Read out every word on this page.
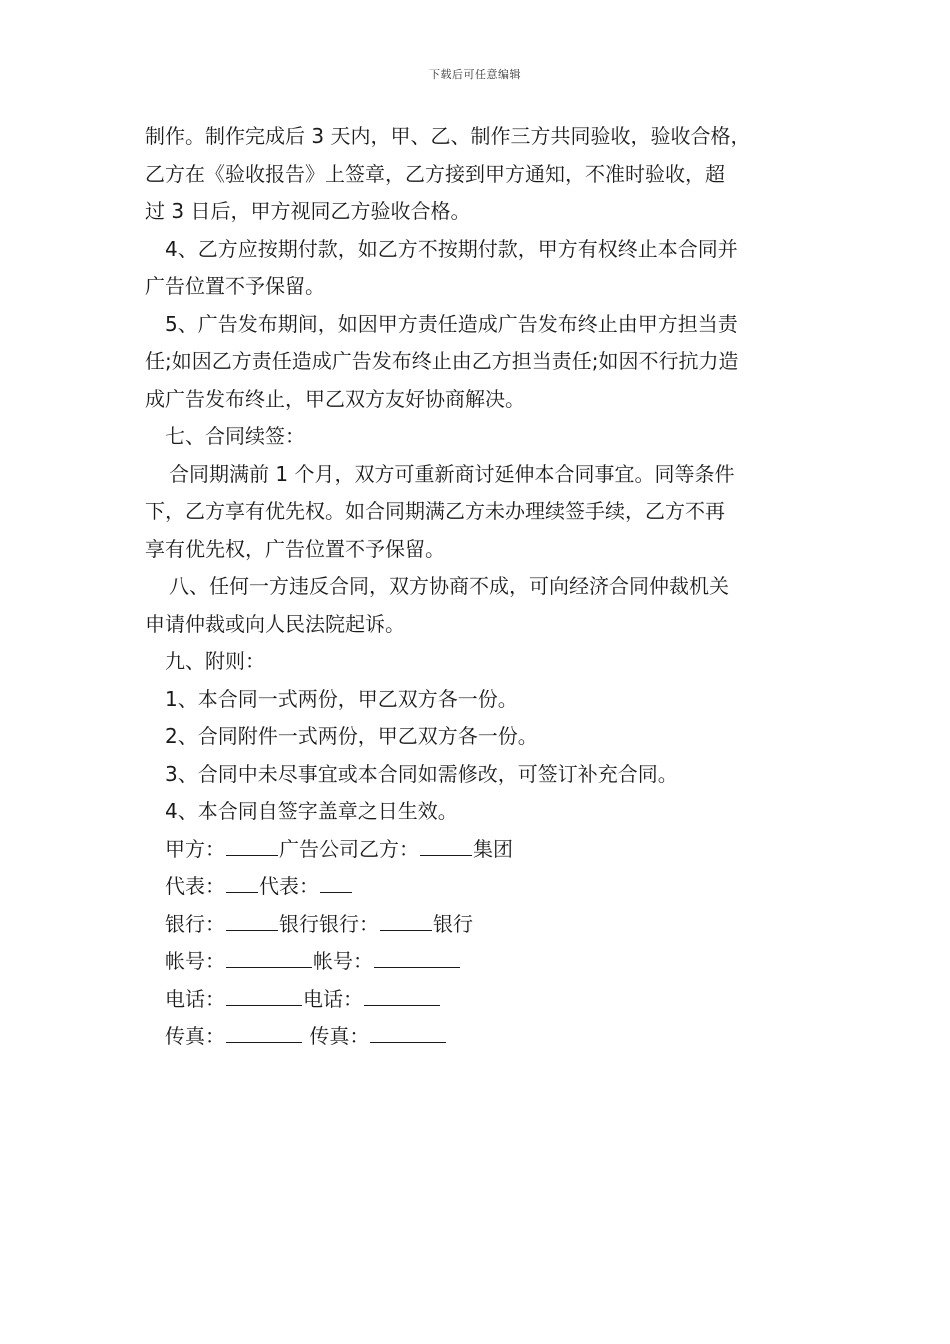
下载后可任意编辑
制作。制作完成后 3 天内，甲、乙、制作三方共同验收，验收合格，
乙方在《验收报告》上签章，乙方接到甲方通知，不准时验收，超
过 3 日后，甲方视同乙方验收合格。
4、乙方应按期付款，如乙方不按期付款，甲方有权终止本合同并
广告位置不予保留。
5、广告发布期间，如因甲方责任造成广告发布终止由甲方担当责
任;如因乙方责任造成广告发布终止由乙方担当责任;如因不行抗力造
成广告发布终止，甲乙双方友好协商解决。
七、合同续签：
合同期满前 1 个月，双方可重新商讨延伸本合同事宜。同等条件
下，乙方享有优先权。如合同期满乙方未办理续签手续，乙方不再
享有优先权，广告位置不予保留。
八、任何一方违反合同，双方协商不成，可向经济合同仲裁机关
申请仲裁或向人民法院起诉。
九、附则：
1、本合同一式两份，甲乙双方各一份。
2、合同附件一式两份，甲乙双方各一份。
3、合同中未尽事宜或本合同如需修改，可签订补充合同。
4、本合同自签字盖章之日生效。
甲方：	广告公司乙方：	集团
代表： 代表：
银行：	银行银行：	银行
帐号：	帐号：
电话：	电话：
传真：	传真：
